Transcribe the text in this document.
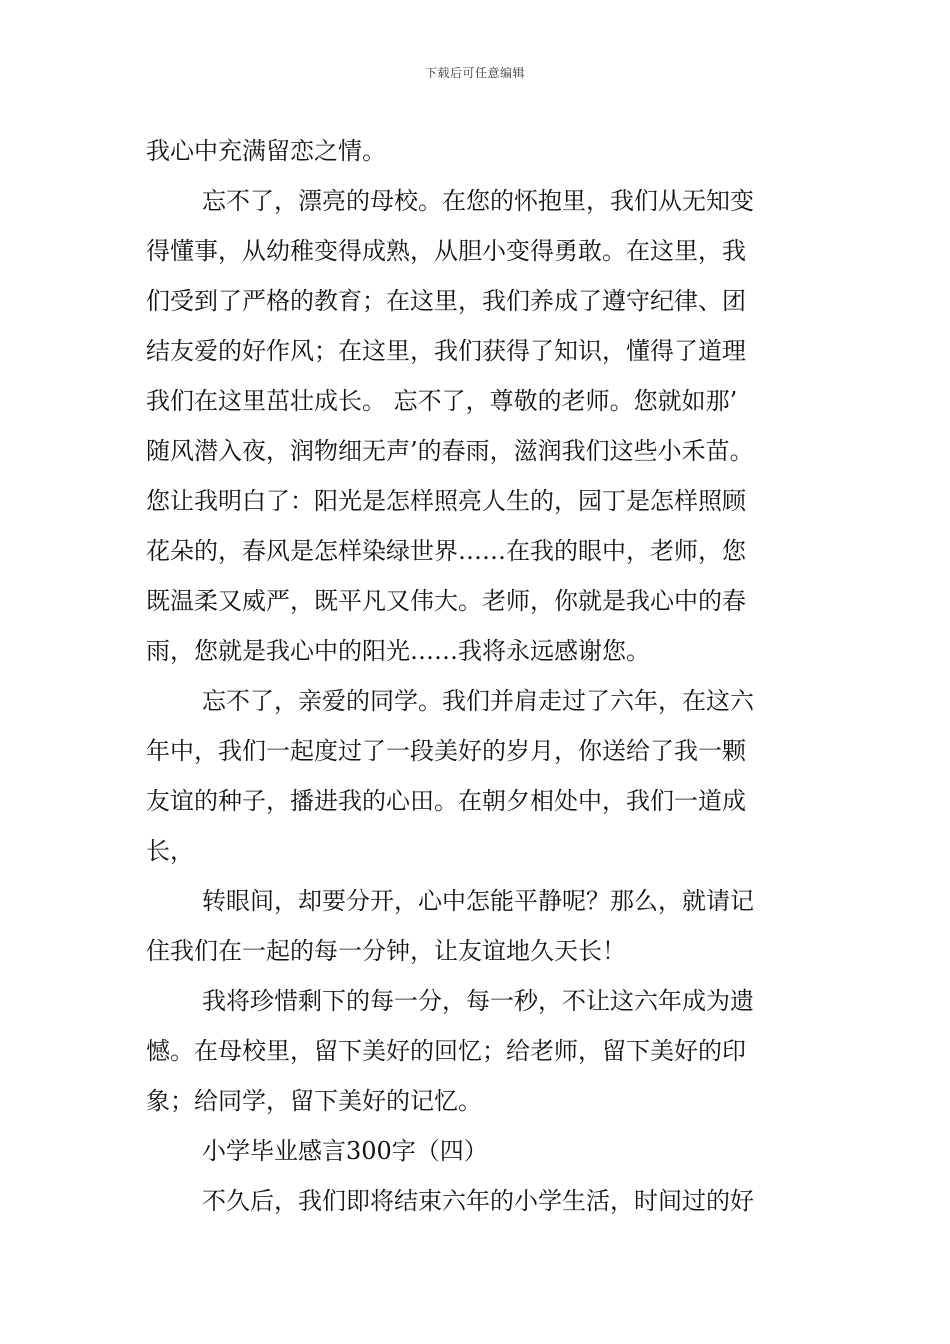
下载后可任意编辑
我心中充满留恋之情。
忘不了，漂亮的母校。在您的怀抱里，我们从无知变
得懂事，从幼稚变得成熟，从胆小变得勇敢。在这里，我
们受到了严格的教育；在这里，我们养成了遵守纪律、团
结友爱的好作风；在这里，我们获得了知识，懂得了道理
我们在这里茁壮成长。 忘不了，尊敬的老师。您就如那’
随风潜入夜，润物细无声’的春雨，滋润我们这些小禾苗。
您让我明白了：阳光是怎样照亮人生的，园丁是怎样照顾
花朵的，春风是怎样染绿世界……在我的眼中，老师，您
既温柔又威严，既平凡又伟大。老师，你就是我心中的春
雨，您就是我心中的阳光……我将永远感谢您。
忘不了，亲爱的同学。我们并肩走过了六年，在这六
年中，我们一起度过了一段美好的岁月，你送给了我一颗
友谊的种子，播进我的心田。在朝夕相处中，我们一道成
长，
转眼间，却要分开，心中怎能平静呢？那么，就请记
住我们在一起的每一分钟，让友谊地久天长！
我将珍惜剩下的每一分，每一秒，不让这六年成为遗
憾。在母校里，留下美好的回忆；给老师，留下美好的印
象；给同学，留下美好的记忆。
小学毕业感言300字（四）
不久后，我们即将结束六年的小学生活，时间过的好
